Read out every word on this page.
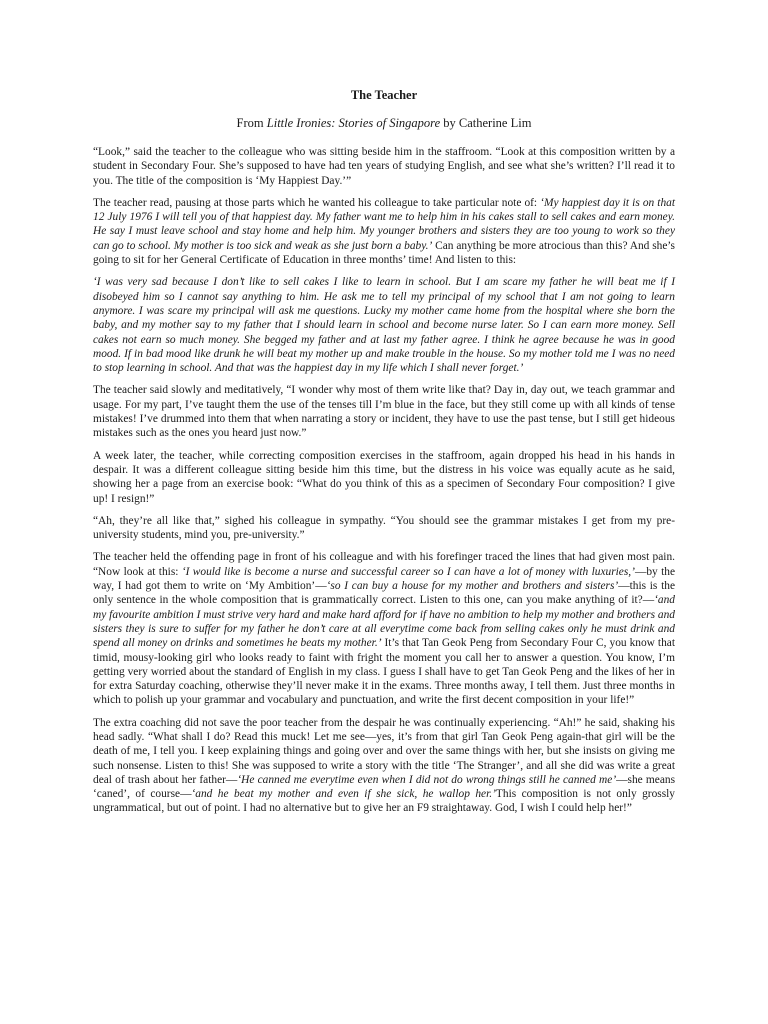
The Teacher
From Little Ironies: Stories of Singapore by Catherine Lim

“Look,” said the teacher to the colleague who was sitting beside him in the staffroom. “Look at this composition written by a student in Secondary Four. She’s supposed to have had ten years of studying English, and see what she’s written? I’ll read it to you. The title of the composition is ‘My Happiest Day.’”

The teacher read, pausing at those parts which he wanted his colleague to take particular note of: ‘My happiest day it is on that 12 July 1976 I will tell you of that happiest day. My father want me to help him in his cakes stall to sell cakes and earn money. He say I must leave school and stay home and help him. My younger brothers and sisters they are too young to work so they can go to school. My mother is too sick and weak as she just born a baby.’ Can anything be more atrocious than this? And she’s going to sit for her General Certificate of Education in three months’ time! And listen to this:

‘I was very sad because I don’t like to sell cakes I like to learn in school. But I am scare my father he will beat me if I disobeyed him so I cannot say anything to him. He ask me to tell my principal of my school that I am not going to learn anymore. I was scare my principal will ask me questions. Lucky my mother came home from the hospital where she born the baby, and my mother say to my father that I should learn in school and become nurse later. So I can earn more money. Sell cakes not earn so much money. She begged my father and at last my father agree. I think he agree because he was in good mood. If in bad mood like drunk he will beat my mother up and make trouble in the house. So my mother told me I was no need to stop learning in school. And that was the happiest day in my life which I shall never forget.’

The teacher said slowly and meditatively, “I wonder why most of them write like that? Day in, day out, we teach grammar and usage. For my part, I’ve taught them the use of the tenses till I’m blue in the face, but they still come up with all kinds of tense mistakes! I’ve drummed into them that when narrating a story or incident, they have to use the past tense, but I still get hideous mistakes such as the ones you heard just now.”

A week later, the teacher, while correcting composition exercises in the staffroom, again dropped his head in his hands in despair. It was a different colleague sitting beside him this time, but the distress in his voice was equally acute as he said, showing her a page from an exercise book: “What do you think of this as a specimen of Secondary Four composition? I give up! I resign!”

“Ah, they’re all like that,” sighed his colleague in sympathy. “You should see the grammar mistakes I get from my pre-university students, mind you, pre-university.”

The teacher held the offending page in front of his colleague and with his forefinger traced the lines that had given most pain. “Now look at this: ‘I would like is become a nurse and successful career so I can have a lot of money with luxuries,’—by the way, I had got them to write on ‘My Ambition’—‘so I can buy a house for my mother and brothers and sisters’—this is the only sentence in the whole composition that is grammatically correct. Listen to this one, can you make anything of it?—‘and my favourite ambition I must strive very hard and make hard afford for if have no ambition to help my mother and brothers and sisters they is sure to suffer for my father he don’t care at all everytime come back from selling cakes only he must drink and spend all money on drinks and sometimes he beats my mother.’ It’s that Tan Geok Peng from Secondary Four C, you know that timid, mousy-looking girl who looks ready to faint with fright the moment you call her to answer a question. You know, I’m getting very worried about the standard of English in my class. I guess I shall have to get Tan Geok Peng and the likes of her in for extra Saturday coaching, otherwise they’ll never make it in the exams. Three months away, I tell them. Just three months in which to polish up your grammar and vocabulary and punctuation, and write the first decent composition in your life!”

The extra coaching did not save the poor teacher from the despair he was continually experiencing. “Ah!” he said, shaking his head sadly. “What shall I do? Read this muck! Let me see—yes, it’s from that girl Tan Geok Peng again-that girl will be the death of me, I tell you. I keep explaining things and going over and over the same things with her, but she insists on giving me such nonsense. Listen to this! She was supposed to write a story with the title ‘The Stranger’, and all she did was write a great deal of trash about her father—‘He canned me everytime even when I did not do wrong things still he canned me’—she means ‘caned’, of course—‘and he beat my mother and even if she sick, he wallop her.’This composition is not only grossly ungrammatical, but out of point. I had no alternative but to give her an F9 straightaway. God, I wish I could help her!”
